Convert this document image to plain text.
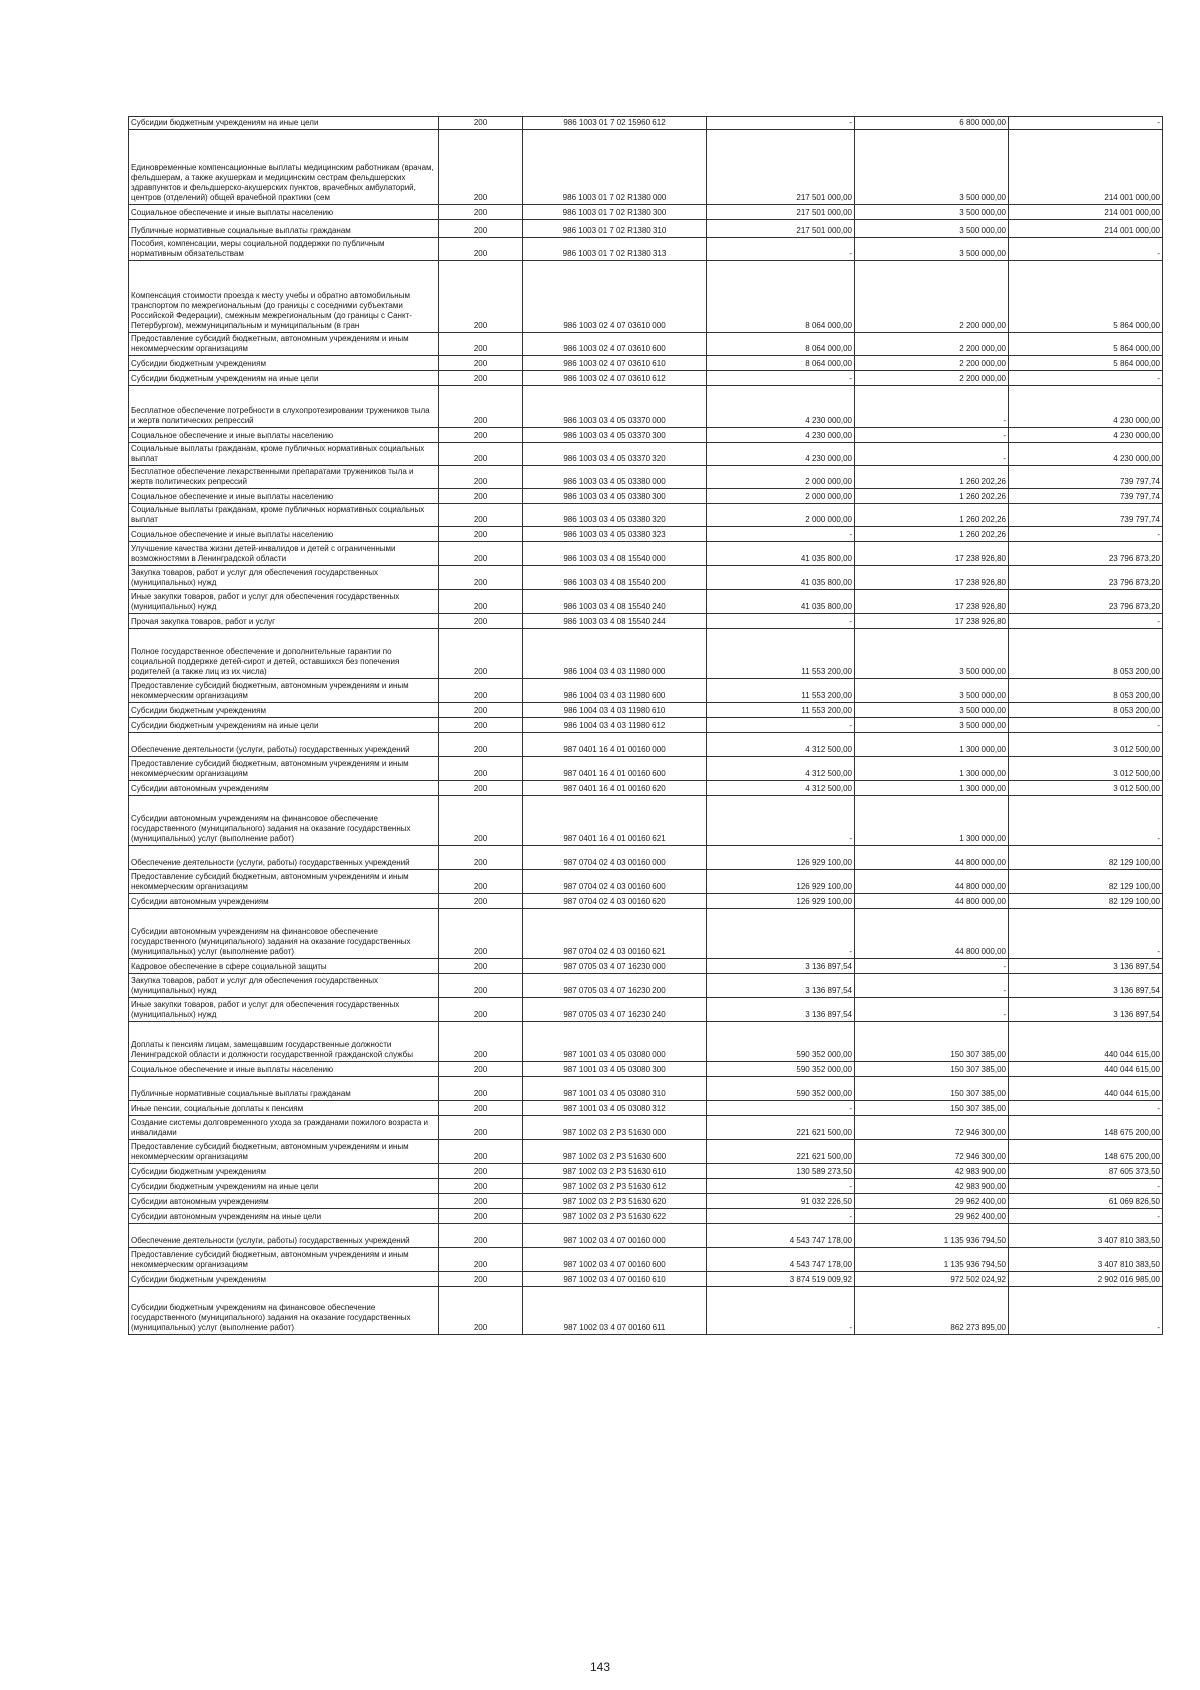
Субсидии бюджетным учреждениям на иные цели	200	986 1003 01 7 02 15960 612	-	6 800 000,00	-
Единовременные компенсационные выплаты медицинским работникам (врачам, фельдшерам, а также акушеркам и медицинским сестрам фельдшерских здравпунктов и фельдшерско-акушерских пунктов, врачебных амбулаторий, центров (отделений) общей врачебной практики (сем	200	986 1003 01 7 02 R1380 000	217 501 000,00	3 500 000,00	214 001 000,00
Социальное обеспечение и иные выплаты населению	200	986 1003 01 7 02 R1380 300	217 501 000,00	3 500 000,00	214 001 000,00
Публичные нормативные социальные выплаты гражданам	200	986 1003 01 7 02 R1380 310	217 501 000,00	3 500 000,00	214 001 000,00
Пособия, компенсации, меры социальной поддержки по публичным нормативным обязательствам	200	986 1003 01 7 02 R1380 313	-	3 500 000,00	-
Компенсация стоимости проезда к месту учебы и обратно автомобильным транспортом по межрегиональным (до границы с соседними субъектами Российской Федерации), смежным межрегиональным (до границы с Санкт-Петербургом), межмуниципальным и муниципальным (в гран	200	986 1003 02 4 07 03610 000	8 064 000,00	2 200 000,00	5 864 000,00
Предоставление субсидий бюджетным, автономным учреждениям и иным некоммерческим организациям	200	986 1003 02 4 07 03610 600	8 064 000,00	2 200 000,00	5 864 000,00
Субсидии бюджетным учреждениям	200	986 1003 02 4 07 03610 610	8 064 000,00	2 200 000,00	5 864 000,00
Субсидии бюджетным учреждениям на иные цели	200	986 1003 02 4 07 03610 612	-	2 200 000,00	-
Бесплатное обеспечение потребности в слухопротезировании тружеников тыла и жертв политических репрессий	200	986 1003 03 4 05 03370 000	4 230 000,00	-	4 230 000,00
Социальное обеспечение и иные выплаты населению	200	986 1003 03 4 05 03370 300	4 230 000,00	-	4 230 000,00
Социальные выплаты гражданам, кроме публичных нормативных социальных выплат	200	986 1003 03 4 05 03370 320	4 230 000,00	-	4 230 000,00
Бесплатное обеспечение лекарственными препаратами тружеников тыла и жертв политических репрессий	200	986 1003 03 4 05 03380 000	2 000 000,00	1 260 202,26	739 797,74
Социальное обеспечение и иные выплаты населению	200	986 1003 03 4 05 03380 300	2 000 000,00	1 260 202,26	739 797,74
Социальные выплаты гражданам, кроме публичных нормативных социальных выплат	200	986 1003 03 4 05 03380 320	2 000 000,00	1 260 202,26	739 797,74
Социальное обеспечение и иные выплаты населению	200	986 1003 03 4 05 03380 323	-	1 260 202,26	-
Улучшение качества жизни детей-инвалидов и детей с ограниченными возможностями в Ленинградской области	200	986 1003 03 4 08 15540 000	41 035 800,00	17 238 926,80	23 796 873,20
Закупка товаров, работ и услуг для обеспечения государственных (муниципальных) нужд	200	986 1003 03 4 08 15540 200	41 035 800,00	17 238 926,80	23 796 873,20
Иные закупки товаров, работ и услуг для обеспечения государственных (муниципальных) нужд	200	986 1003 03 4 08 15540 240	41 035 800,00	17 238 926,80	23 796 873,20
Прочая закупка товаров, работ и услуг	200	986 1003 03 4 08 15540 244	-	17 238 926,80	-
Полное государственное обеспечение и дополнительные гарантии по социальной поддержке детей-сирот и детей, оставшихся без попечения родителей (а также лиц из их числа)	200	986 1004 03 4 03 11980 000	11 553 200,00	3 500 000,00	8 053 200,00
Предоставление субсидий бюджетным, автономным учреждениям и иным некоммерческим организациям	200	986 1004 03 4 03 11980 600	11 553 200,00	3 500 000,00	8 053 200,00
Субсидии бюджетным учреждениям	200	986 1004 03 4 03 11980 610	11 553 200,00	3 500 000,00	8 053 200,00
Субсидии бюджетным учреждениям на иные цели	200	986 1004 03 4 03 11980 612	-	3 500 000,00	-
Обеспечение деятельности (услуги, работы) государственных учреждений	200	987 0401 16 4 01 00160 000	4 312 500,00	1 300 000,00	3 012 500,00
Предоставление субсидий бюджетным, автономным учреждениям и иным некоммерческим организациям	200	987 0401 16 4 01 00160 600	4 312 500,00	1 300 000,00	3 012 500,00
Субсидии автономным учреждениям	200	987 0401 16 4 01 00160 620	4 312 500,00	1 300 000,00	3 012 500,00
Субсидии автономным учреждениям на финансовое обеспечение государственного (муниципального) задания на оказание государственных (муниципальных) услуг (выполнение работ)	200	987 0401 16 4 01 00160 621	-	1 300 000,00	-
Обеспечение деятельности (услуги, работы) государственных учреждений	200	987 0704 02 4 03 00160 000	126 929 100,00	44 800 000,00	82 129 100,00
Предоставление субсидий бюджетным, автономным учреждениям и иным некоммерческим организациям	200	987 0704 02 4 03 00160 600	126 929 100,00	44 800 000,00	82 129 100,00
Субсидии автономным учреждениям	200	987 0704 02 4 03 00160 620	126 929 100,00	44 800 000,00	82 129 100,00
Субсидии автономным учреждениям на финансовое обеспечение государственного (муниципального) задания на оказание государственных (муниципальных) услуг (выполнение работ)	200	987 0704 02 4 03 00160 621	-	44 800 000,00	-
Кадровое обеспечение в сфере социальной защиты	200	987 0705 03 4 07 16230 000	3 136 897,54	-	3 136 897,54
Закупка товаров, работ и услуг для обеспечения государственных (муниципальных) нужд	200	987 0705 03 4 07 16230 200	3 136 897,54	-	3 136 897,54
Иные закупки товаров, работ и услуг для обеспечения государственных (муниципальных) нужд	200	987 0705 03 4 07 16230 240	3 136 897,54	-	3 136 897,54
Доплаты к пенсиям лицам, замещавшим государственные должности Ленинградской области и должности государственной гражданской службы	200	987 1001 03 4 05 03080 000	590 352 000,00	150 307 385,00	440 044 615,00
Социальное обеспечение и иные выплаты населению	200	987 1001 03 4 05 03080 300	590 352 000,00	150 307 385,00	440 044 615,00
Публичные нормативные социальные выплаты гражданам	200	987 1001 03 4 05 03080 310	590 352 000,00	150 307 385,00	440 044 615,00
Иные пенсии, социальные доплаты к пенсиям	200	987 1001 03 4 05 03080 312	-	150 307 385,00	-
Создание системы долговременного ухода за гражданами пожилого возраста и инвалидами	200	987 1002 03 2 P3 51630 000	221 621 500,00	72 946 300,00	148 675 200,00
Предоставление субсидий бюджетным, автономным учреждениям и иным некоммерческим организациям	200	987 1002 03 2 P3 51630 600	221 621 500,00	72 946 300,00	148 675 200,00
Субсидии бюджетным учреждениям	200	987 1002 03 2 P3 51630 610	130 589 273,50	42 983 900,00	87 605 373,50
Субсидии бюджетным учреждениям на иные цели	200	987 1002 03 2 P3 51630 612	-	42 983 900,00	-
Субсидии автономным учреждениям	200	987 1002 03 2 P3 51630 620	91 032 226,50	29 962 400,00	61 069 826,50
Субсидии автономным учреждениям на иные цели	200	987 1002 03 2 P3 51630 622	-	29 962 400,00	-
Обеспечение деятельности (услуги, работы) государственных учреждений	200	987 1002 03 4 07 00160 000	4 543 747 178,00	1 135 936 794,50	3 407 810 383,50
Предоставление субсидий бюджетным, автономным учреждениям и иным некоммерческим организациям	200	987 1002 03 4 07 00160 600	4 543 747 178,00	1 135 936 794,50	3 407 810 383,50
Субсидии бюджетным учреждениям	200	987 1002 03 4 07 00160 610	3 874 519 009,92	972 502 024,92	2 902 016 985,00
Субсидии бюджетным учреждениям на финансовое обеспечение государственного (муниципального) задания на оказание государственных (муниципальных) услуг (выполнение работ)	200	987 1002 03 4 07 00160 611	-	862 273 895,00	-
143
